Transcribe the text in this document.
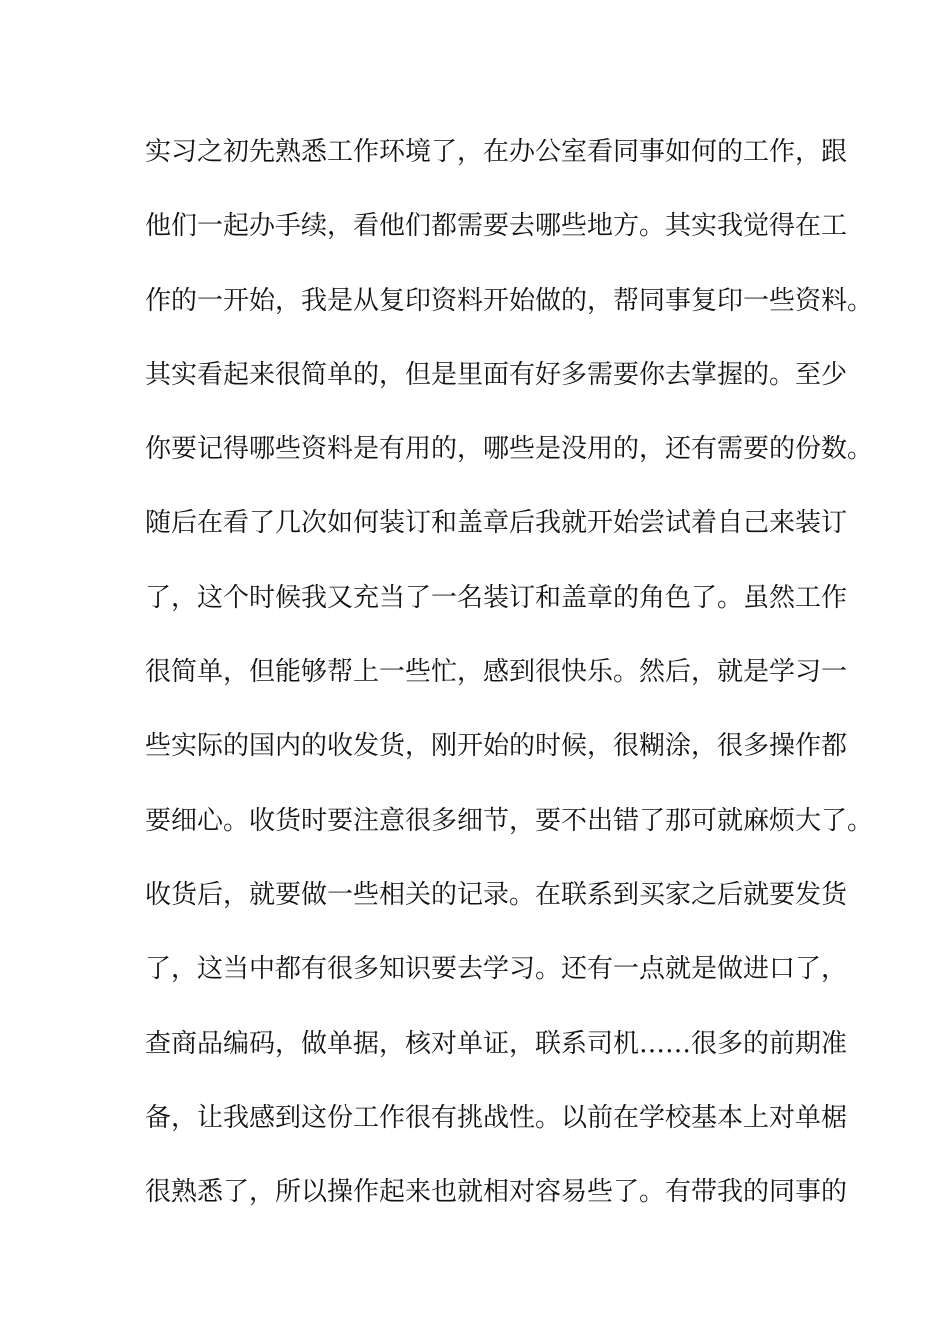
实习之初先熟悉工作环境了，在办公室看同事如何的工作，跟
他们一起办手续，看他们都需要去哪些地方。其实我觉得在工
作的一开始，我是从复印资料开始做的，帮同事复印一些资料。
其实看起来很简单的，但是里面有好多需要你去掌握的。至少
你要记得哪些资料是有用的，哪些是没用的，还有需要的份数。
随后在看了几次如何装订和盖章后我就开始尝试着自己来装订
了，这个时候我又充当了一名装订和盖章的角色了。虽然工作
很简单，但能够帮上一些忙，感到很快乐。然后，就是学习一
些实际的国内的收发货，刚开始的时候，很糊涂，很多操作都
要细心。收货时要注意很多细节，要不出错了那可就麻烦大了。
收货后，就要做一些相关的记录。在联系到买家之后就要发货
了，这当中都有很多知识要去学习。还有一点就是做进口了，
查商品编码，做单据，核对单证，联系司机……很多的前期准
备，让我感到这份工作很有挑战性。以前在学校基本上对单椐
很熟悉了，所以操作起来也就相对容易些了。有带我的同事的
